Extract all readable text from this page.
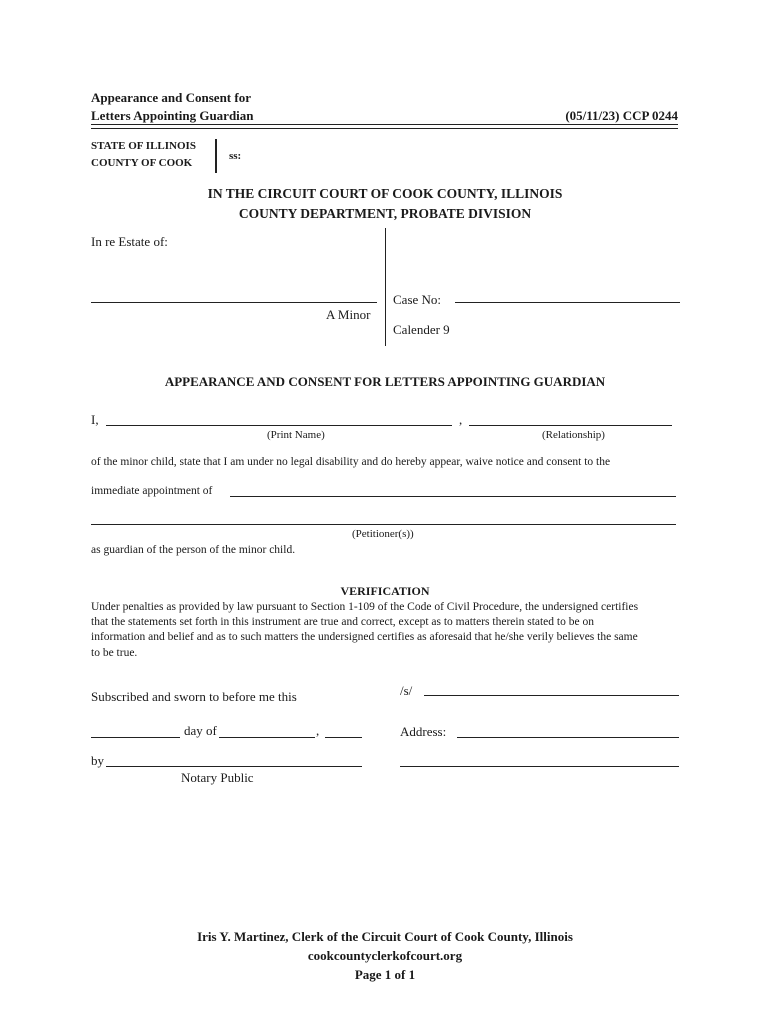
Appearance and Consent for
Letters Appointing Guardian	(05/11/23) CCP 0244
STATE OF ILLINOIS
COUNTY OF COOK
ss:
IN THE CIRCUIT COURT OF COOK COUNTY, ILLINOIS
COUNTY DEPARTMENT, PROBATE DIVISION
In re Estate of:
A Minor
Case No:
Calender 9
APPEARANCE AND CONSENT FOR LETTERS APPOINTING GUARDIAN
I,	,
(Print Name)	(Relationship)
of the minor child, state that I am under no legal disability and do hereby appear, waive notice and consent to the
immediate appointment of
(Petitioner(s))
as guardian of the person of the minor child.
VERIFICATION
Under penalties as provided by law pursuant to Section 1-109 of the Code of Civil Procedure, the undersigned certifies
that the statements set forth in this instrument are true and correct, except as to matters therein stated to be on
information and belief and as to such matters the undersigned certifies as aforesaid that he/she verily believes the same
to be true.
Subscribed and sworn to before me this
day of	,
by
Notary Public
/s/
Address:
Iris Y. Martinez, Clerk of the Circuit Court of Cook County, Illinois
cookcountyclerkofcourt.org
Page 1 of 1
